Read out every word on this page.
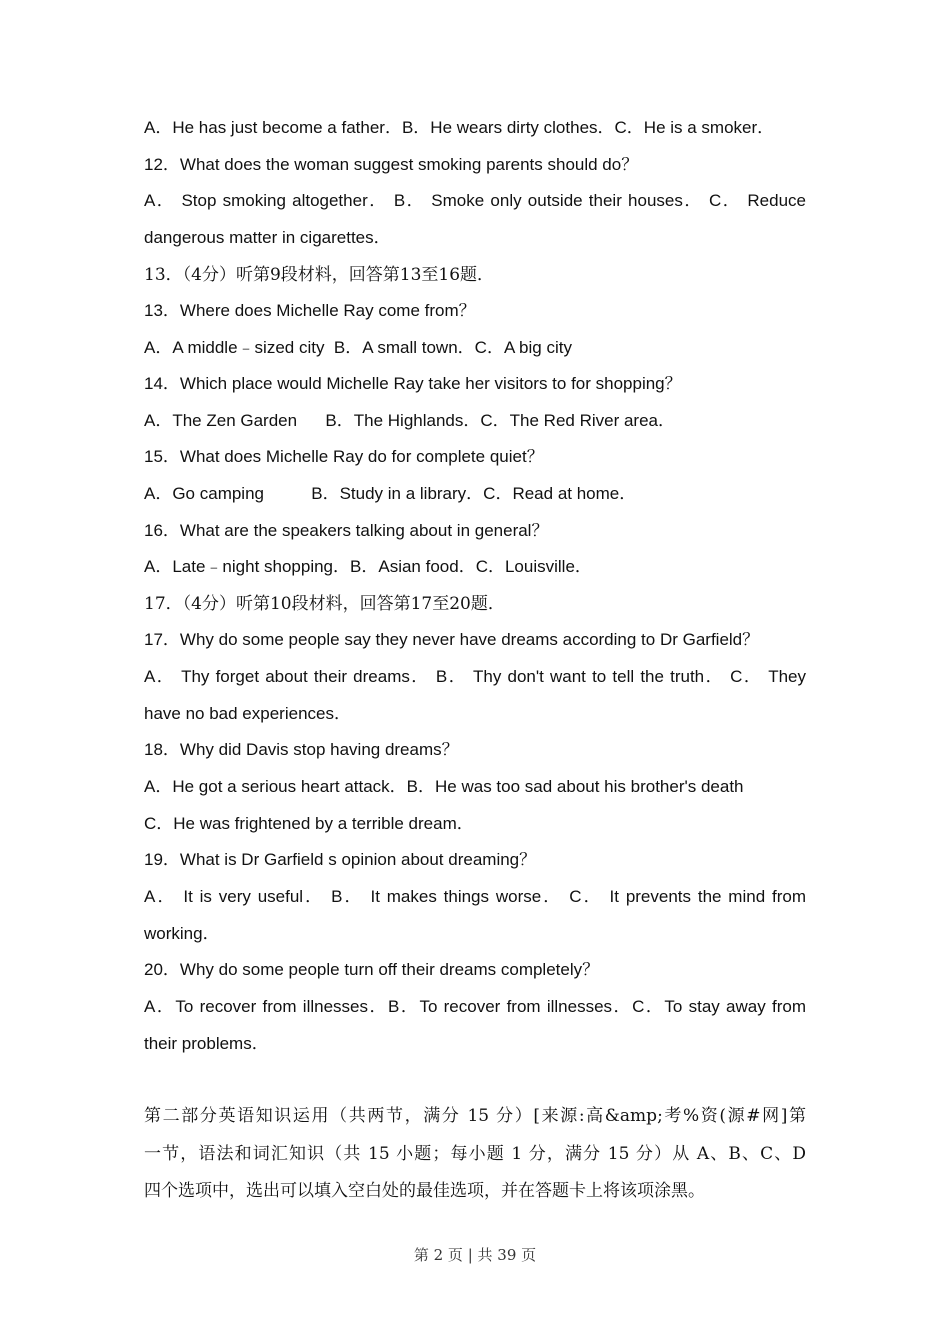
A．He has just become a father．B．He wears dirty clothes．C．He is a smoker．
12．What does the woman suggest smoking parents should do？
A． Stop smoking altogether． B． Smoke only outside their houses． C． Reduce
dangerous matter in cigarettes．
13．（4分）听第9段材料，回答第13至16题．
13．Where does Michelle Ray come from？
A．A middle﹣sized city  B．A small town．C．A big city
14．Which place would Michelle Ray take her visitors to for shopping？
A．The Zen Garden      B．The Highlands．C．The Red River area．
15．What does Michelle Ray do for complete quiet？
A．Go camping          B．Study in a library．C．Read at home．
16．What are the speakers talking about in general？
A．Late﹣night shopping．B．Asian food．C．Louisville．
17．（4分）听第10段材料，回答第17至20题．
17．Why do some people say they never have dreams according to Dr Garfield？
A． Thy forget about their dreams． B． Thy don't want to tell the truth． C． They
have no bad experiences．
18．Why did Davis stop having dreams？
A．He got a serious heart attack．B．He was too sad about his brother's death
C．He was frightened by a terrible dream．
19．What is Dr Garfield s opinion about dreaming？
A． It is very useful． B． It makes things worse． C． It prevents the mind from
working．
20．Why do some people turn off their dreams completely？
A．To recover from illnesses．B．To recover from illnesses．C．To stay away from
their problems．
第二部分英语知识运用（共两节，满分 15 分）[来源:高&amp;考%资(源#网]第
一节，语法和词汇知识（共 15 小题；每小题 1 分，满分 15 分）从 A、B、C、D
四个选项中，选出可以填入空白处的最佳选项，并在答题卡上将该项涂黑。
第 2 页 | 共 39 页
